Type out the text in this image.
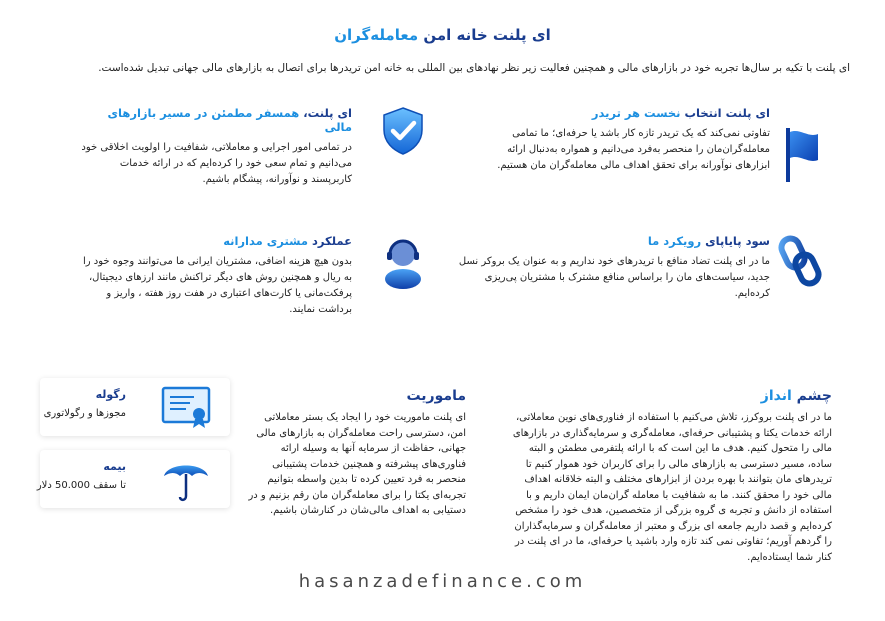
ای پلنت خانه امن معامله‌گران
ای پلنت با تکیه بر سال‌ها تجربه خود در بازارهای مالی و همچنین فعالیت زیر نظر نهادهای بین المللی به خانه امن تریدرها برای اتصال به بازارهای مالی جهانی تبدیل شده‌است.
ای پلنت انتخاب نخست هر تریدر
تفاوتی نمی‌کند که یک تریدر تازه کار باشد یا حرفه‌ای؛ ما تمامی معامله‌گران‌مان را منحصر به‌فرد می‌دانیم و همواره به‌دنبال ارائه ابزارهای نوآورانه برای تحقق اهداف مالی معامله‌گران مان هستیم.
ای پلنت، همسفر مطمئن در مسیر بازارهای مالی
در تمامی امور اجرایی و معاملاتی، شفافیت را اولویت اخلاقی خود می‌دانیم و تمام سعی خود را کرده‌ایم که در ارائه خدمات کاربرپسند و نوآورانه، پیشگام باشیم.
سود پایاپای رویکرد ما
ما در ای پلنت تضاد منافع با تریدرهای خود نداریم و به عنوان یک بروکر نسل جدید، سیاست‌های مان را براساس منافع مشترک با مشتریان پی‌ریزی کرده‌ایم.
عملکرد مشتری مدارانه
بدون هیچ هزینه اضافی، مشتریان ایرانی ما می‌توانند وجوه خود را به ریال و همچنین روش های دیگر تراکنش مانند ارزهای دیجیتال، پرفکت‌مانی یا کارت‌های اعتباری در هفت روز هفته ، واریز و برداشت نمایند.
چشم انداز
ما در ای پلنت بروکرز، تلاش می‌کنیم با استفاده از فناوری‌های نوین معاملاتی، ارائه خدمات یکتا و پشتیبانی حرفه‌ای، معامله‌گری و سرمایه‌گذاری در بازارهای مالی را متحول کنیم. هدف ما این است که با ارائه پلتفرمی مطمئن و البته ساده، مسیر دسترسی به بازارهای مالی را برای کاربران خود هموار کنیم تا تریدرهای مان بتوانند با بهره بردن از ابزارهای مختلف و البته خلاقانه اهداف مالی خود را محقق کنند. ما به شفافیت با معامله گران‌مان ایمان داریم و با استفاده از دانش و تجربه ی گروه بزرگی از متخصصین، هدف خود را مشخص کرده‌ایم و قصد داریم جامعه ای بزرگ و معتبر از معامله‌گران و سرمایه‌گذاران را گردهم آوریم؛ تفاوتی نمی کند تازه وارد باشید یا حرفه‌ای، ما در ای پلنت در کنار شما ایستاده‌ایم.
ماموریت
ای پلنت ماموریت خود را ایجاد یک بستر معاملاتی امن، دسترسی راحت معامله‌گران به بازارهای مالی جهانی، حفاظت از سرمایه آنها به وسیله ارائه فناوری‌های پیشرفته و همچنین خدمات پشتیبانی منحصر به فرد تعیین کرده تا بدین واسطه بتوانیم تجربه‌ای یکتا را برای معامله‌گران مان رقم بزنیم و در دستیابی به اهداف مالی‌شان در کنارشان باشیم.
رگوله
مجوزها و رگولاتوری
بیمه
تا سقف 50.000 دلار
hasanzadefinance.com
